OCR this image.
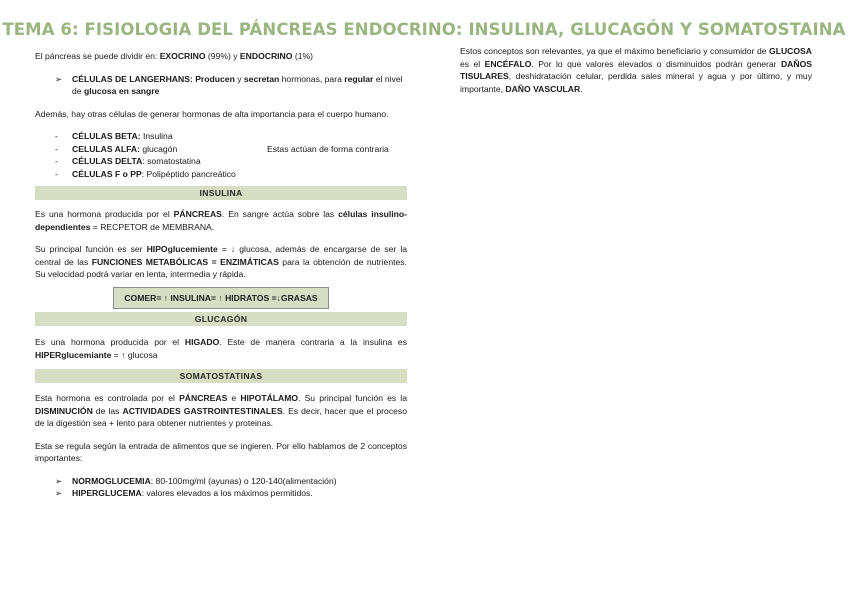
TEMA 6: FISIOLOGIA DEL PÁNCREAS ENDOCRINO: INSULINA, GLUCAGÓN Y SOMATOSTAINA

El páncreas se puede dividir en: EXOCRINO (99%) y ENDOCRINO (1%)

➢	CÉLULAS DE LANGERHANS: Producen y secretan hormonas, para regular el nivel de glucosa en sangre

Además, hay otras células de generar hormonas de alta importancia para el cuerpo humano.

-	CÉLULAS BETA: Insulina
-	CELULAS ALFA: glucagón	Estas actúan de forma contraria
-	CÉLULAS DELTA: somatostatina
-	CÉLULAS F o PP: Polipéptido pancreático
INSULINA

Es una hormona producida por el PÁNCREAS. En sangre actúa sobre las células insulino-dependientes = RECPETOR de MEMBRANA.

Su principal función es ser HIPOglucemiente = ↓ glucosa, además de encargarse de ser la central de las FUNCIONES METABÓLICAS = ENZIMÁTICAS para la obtención de nutrientes. Su velocidad podrá variar en lenta, intermedia y rápida.

COMER= ↑ INSULINA= ↑ HIDRATOS =↓GRASAS
GLUCAGÓN

Es una hormona producida por el HIGADO. Este de manera contraria a la insulina es HIPERglucemiante = ↑ glucosa

SOMATOSTATINAS

Esta hormona es controlada por el PÁNCREAS e HIPOTÁLAMO. Su principal función es la DISMINUCIÓN de las ACTIVIDADES GASTROINTESTINALES. Es decir, hacer que el proceso de la digestión sea + lento para obtener nutrientes y proteinas.

Esta se regula según la entrada de alimentos que se ingieren. Por ello hablamos de 2 conceptos importantes:

➢	NORMOGLUCEMIA: 80-100mg/ml (ayunas) o 120-140(alimentación)
➢	HIPERGLUCEMA: valores elevados a los máximos permitidos.

Estos conceptos son relevantes, ya que el máximo beneficiario y consumidor de GLUCOSA es el ENCÉFALO. Por lo que valores elevados o disminuidos podrán generar DAÑOS TISULARES, deshidratación celular, perdida sales mineral y agua y por último, y muy importante, DAÑO VASCULAR.
